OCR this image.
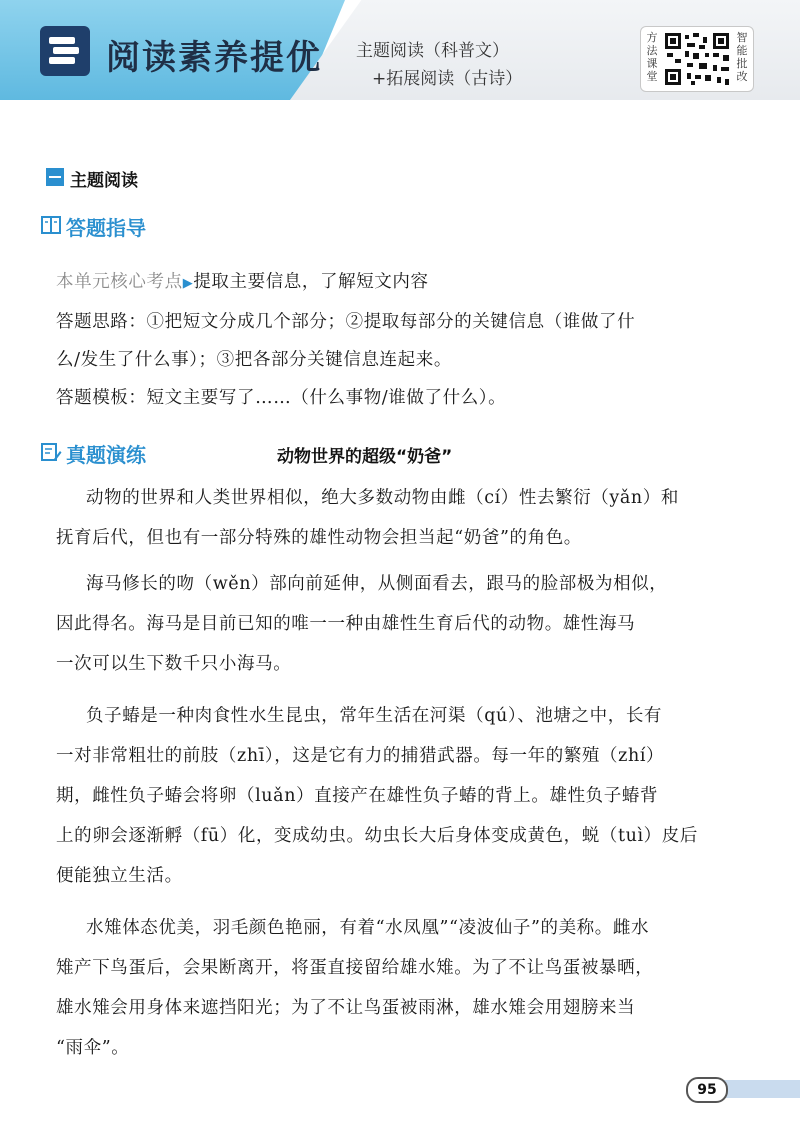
阅读素养提优 主题阅读（科普文）
+拓展阅读（古诗）
方
法
课
堂
智
能
批
改
主题阅读
答题指导
本单元核心考点▶提取主要信息，了解短文内容
答题思路：①把短文分成几个部分；②提取每部分的关键信息（谁做了什
么/发生了什么事）；③把各部分关键信息连起来。
答题模板：短文主要写了……（什么事物/谁做了什么）。
真题演练	动物世界的超级“奶爸”
动物的世界和人类世界相似，绝大多数动物由雌（cí）性去繁衍（yǎn）和
抚育后代，但也有一部分特殊的雄性动物会担当起“奶爸”的角色。
海马修长的吻（wěn）部向前延伸，从侧面看去，跟马的脸部极为相似，
因此得名。海马是目前已知的唯一一种由雄性生育后代的动物。雄性海马
一次可以生下数千只小海马。
负子蝽是一种肉食性水生昆虫，常年生活在河渠（qú）、池塘之中，长有
一对非常粗壮的前肢（zhī），这是它有力的捕猎武器。每一年的繁殖（zhí）
期，雌性负子蝽会将卵（luǎn）直接产在雄性负子蝽的背上。雄性负子蝽背
上的卵会逐渐孵（fū）化，变成幼虫。幼虫长大后身体变成黄色，蜕（tuì）皮后
便能独立生活。
水雉体态优美，羽毛颜色艳丽，有着“水凤凰”“凌波仙子”的美称。雌水
雉产下鸟蛋后，会果断离开，将蛋直接留给雄水雉。为了不让鸟蛋被暴晒，
雄水雉会用身体来遮挡阳光；为了不让鸟蛋被雨淋，雄水雉会用翅膀来当
“雨伞”。
95
